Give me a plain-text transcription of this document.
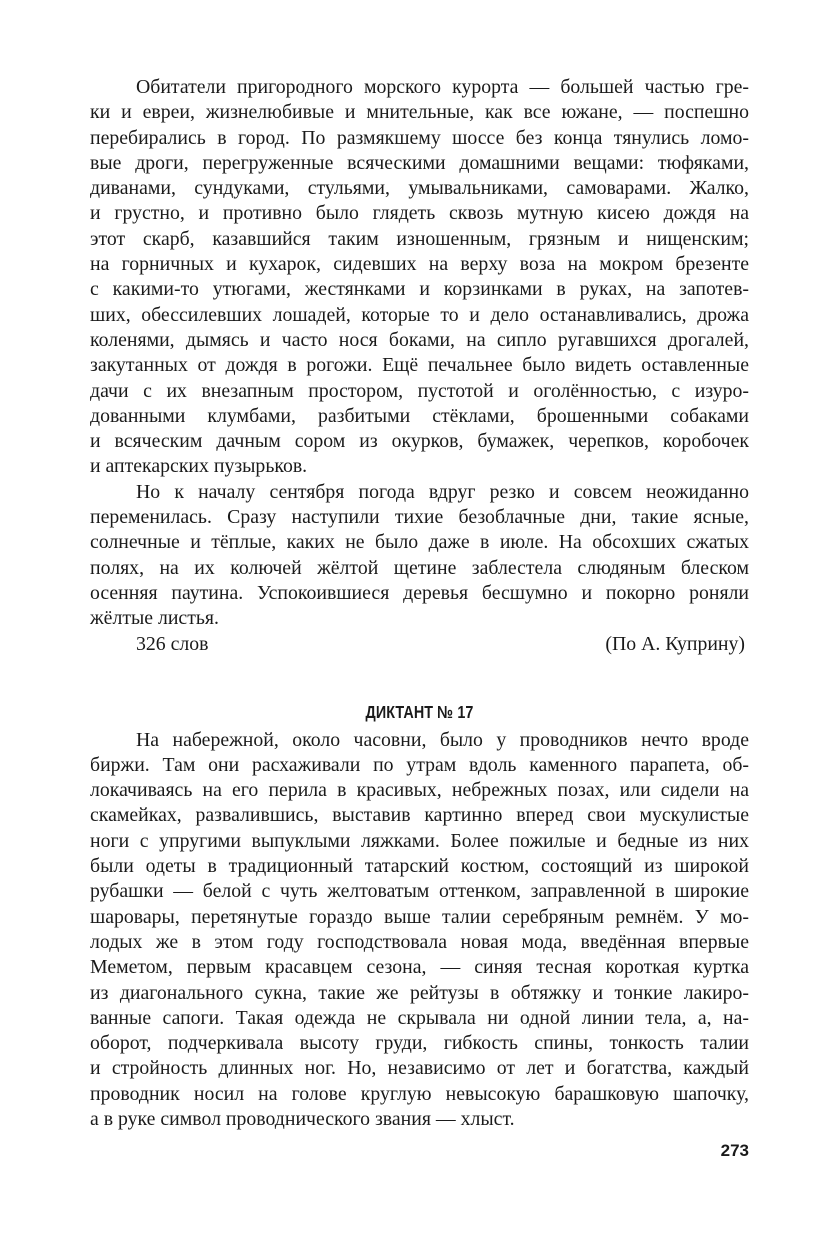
Обитатели пригородного морского курорта — большей частью гре-
ки и евреи, жизнелюбивые и мнительные, как все южане, — поспешно
перебирались в город. По размякшему шоссе без конца тянулись ломо-
вые дроги, перегруженные всяческими домашними вещами: тюфяками,
диванами, сундуками, стульями, умывальниками, самоварами. Жалко,
и грустно, и противно было глядеть сквозь мутную кисею дождя на
этот скарб, казавшийся таким изношенным, грязным и нищенским;
на горничных и кухарок, сидевших на верху воза на мокром брезенте
с какими-то утюгами, жестянками и корзинками в руках, на запотев-
ших, обессилевших лошадей, которые то и дело останавливались, дрожа
коленями, дымясь и часто нося боками, на сипло ругавшихся дрогалей,
закутанных от дождя в рогожи. Ещё печальнее было видеть оставленные
дачи с их внезапным простором, пустотой и оголённостью, с изуро-
дованными клумбами, разбитыми стёклами, брошенными собаками
и всяческим дачным сором из окурков, бумажек, черепков, коробочек
и аптекарских пузырьков.
Но к началу сентября погода вдруг резко и совсем неожиданно
переменилась. Сразу наступили тихие безоблачные дни, такие ясные,
солнечные и тёплые, каких не было даже в июле. На обсохших сжатых
полях, на их колючей жёлтой щетине заблестела слюдяным блеском
осенняя паутина. Успокоившиеся деревья бесшумно и покорно роняли
жёлтые листья.
326 слов	(По А. Куприну)
ДИКТАНТ № 17
На набережной, около часовни, было у проводников нечто вроде
биржи. Там они расхаживали по утрам вдоль каменного парапета, об-
локачиваясь на его перила в красивых, небрежных позах, или сидели на
скамейках, развалившись, выставив картинно вперед свои мускулистые
ноги с упругими выпуклыми ляжками. Более пожилые и бедные из них
были одеты в традиционный татарский костюм, состоящий из широкой
рубашки — белой с чуть желтоватым оттенком, заправленной в широкие
шаровары, перетянутые гораздо выше талии серебряным ремнём. У мо-
лодых же в этом году господствовала новая мода, введённая впервые
Меметом, первым красавцем сезона, — синяя тесная короткая куртка
из диагонального сукна, такие же рейтузы в обтяжку и тонкие лакиро-
ванные сапоги. Такая одежда не скрывала ни одной линии тела, а, на-
оборот, подчеркивала высоту груди, гибкость спины, тонкость талии
и стройность длинных ног. Но, независимо от лет и богатства, каждый
проводник носил на голове круглую невысокую барашковую шапочку,
а в руке символ проводнического звания — хлыст.
273
